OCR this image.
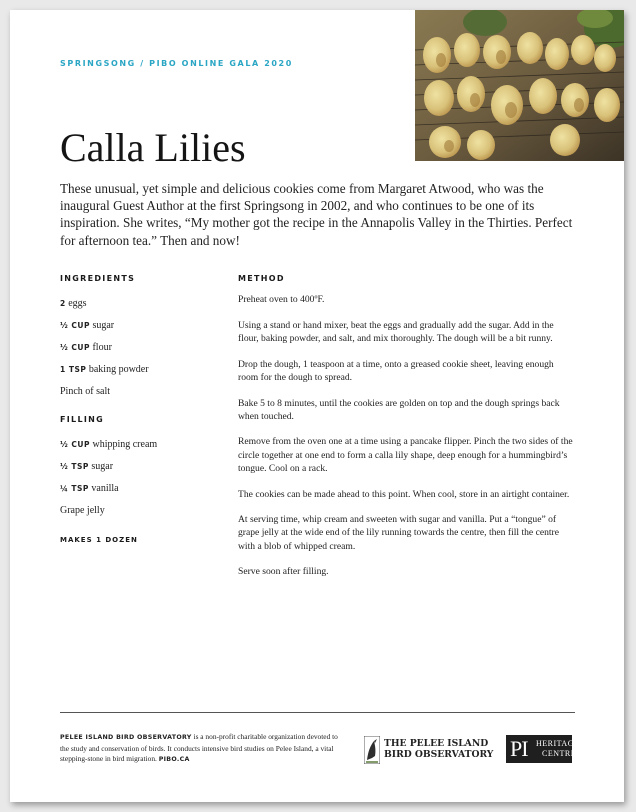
SPRINGSONG / PIBO ONLINE GALA 2020
Calla Lilies

These unusual, yet simple and delicious cookies come from Margaret Atwood, who was the inaugural Guest Author at the first Springsong in 2002, and who continues to be one of its inspiration. She writes, “My mother got the recipe in the Annapolis Valley in the Thirties. Perfect for afternoon tea.” Then and now!

INGREDIENTS
2 eggs
½ CUP sugar
½ CUP flour
1 TSP baking powder
Pinch of salt
FILLING
½ CUP whipping cream
½ TSP sugar
¼ TSP vanilla
Grape jelly
MAKES 1 DOZEN
METHOD
Preheat oven to 400ºF.
Using a stand or hand mixer, beat the eggs and gradually add the sugar. Add in the flour, baking powder, and salt, and mix thoroughly. The dough will be a bit runny.
Drop the dough, 1 teaspoon at a time, onto a greased cookie sheet, leaving enough room for the dough to spread.
Bake 5 to 8 minutes, until the cookies are golden on top and the dough springs back when touched.
Remove from the oven one at a time using a pancake flipper. Pinch the two sides of the circle together at one end to form a calla lily shape, deep enough for a hummingbird’s tongue. Cool on a rack.
The cookies can be made ahead to this point. When cool, store in an airtight container.
At serving time, whip cream and sweeten with sugar and vanilla. Put a “tongue” of grape jelly at the wide end of the lily running towards the centre, then fill the centre with a blob of whipped cream.
Serve soon after filling.
PELEE ISLAND BIRD OBSERVATORY is a non-profit charitable organization devoted to the study and conservation of birds. It conducts intensive bird studies on Pelee Island, a vital stepping-stone in bird migration. PIBO.CA
THE PELEE ISLAND
BIRD OBSERVATORY PI HERITAGE
CENTRE
